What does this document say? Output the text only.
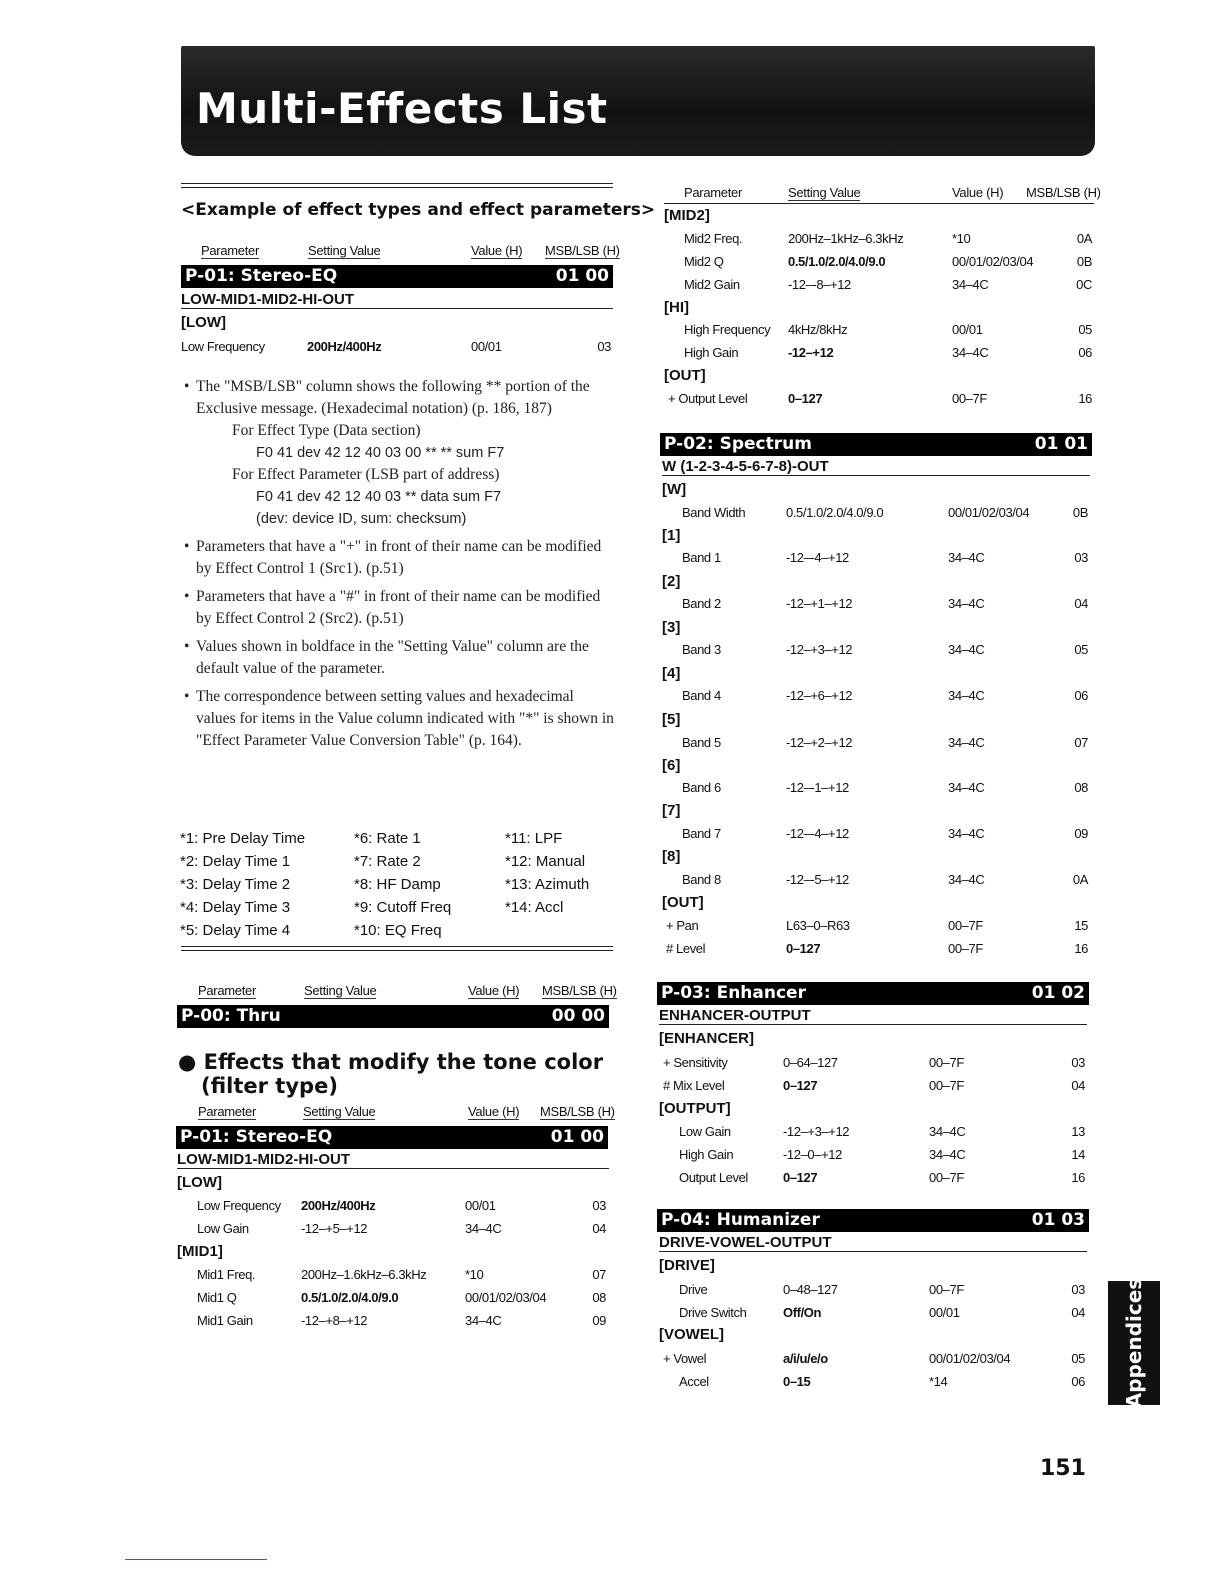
Multi-Effects List
<Example of effect types and effect parameters>
Parameter	Setting Value	Value (H) MSB/LSB (H)
P-01: Stereo-EQ	01 00
LOW-MID1-MID2-HI-OUT
[LOW]
Low Frequency	200Hz/400Hz	00/01	03
• The "MSB/LSB" column shows the following ** portion of the Exclusive message. (Hexadecimal notation) (p. 186, 187)
For Effect Type (Data section)
F0 41 dev 42 12 40 03 00 ** ** sum F7
For Effect Parameter (LSB part of address)
F0 41 dev 42 12 40 03 ** data sum F7
(dev: device ID, sum: checksum)
• Parameters that have a "+" in front of their name can be modified by Effect Control 1 (Src1). (p.51)
• Parameters that have a "#" in front of their name can be modified by Effect Control 2 (Src2). (p.51)
• Values shown in boldface in the "Setting Value" column are the default value of the parameter.
• The correspondence between setting values and hexadecimal values for items in the Value column indicated with "*" is shown in "Effect Parameter Value Conversion Table" (p. 164).
*1: Pre Delay Time	*6: Rate 1	*11: LPF
*2: Delay Time 1	*7: Rate 2	*12: Manual
*3: Delay Time 2	*8: HF Damp	*13: Azimuth
*4: Delay Time 3	*9: Cutoff Freq	*14: Accl
*5: Delay Time 4	*10: EQ Freq
Parameter	Setting Value	Value (H) MSB/LSB (H)
P-00: Thru	00 00
● Effects that modify the tone color
(filter type)
Parameter	Setting Value	Value (H) MSB/LSB (H)
P-01: Stereo-EQ	01 00
LOW-MID1-MID2-HI-OUT
[LOW]
Low Frequency 200Hz/400Hz	00/01	03
Low Gain	-12–+5–+12	34–4C	04
[MID1]
Mid1 Freq.	200Hz–1.6kHz–6.3kHz	*10	07
Mid1 Q	0.5/1.0/2.0/4.0/9.0	00/01/02/03/04	08
Mid1 Gain	-12–+8–+12	34–4C	09
Parameter	Setting Value	Value (H) MSB/LSB (H)
[MID2]
Mid2 Freq.	200Hz–1kHz–6.3kHz	*10	0A
Mid2 Q	0.5/1.0/2.0/4.0/9.0	00/01/02/03/04	0B
Mid2 Gain	-12–-8–+12	34–4C	0C
[HI]
High Frequency 4kHz/8kHz	00/01	05
High Gain	-12–+12	34–4C	06
[OUT]
+ Output Level	0–127	00–7F	16
P-02: Spectrum	01 01
W (1-2-3-4-5-6-7-8)-OUT
[W]
Band Width	0.5/1.0/2.0/4.0/9.0	00/01/02/03/04	0B
[1]
Band 1	-12–-4–+12	34–4C	03
[2]
Band 2	-12–+1–+12	34–4C	04
[3]
Band 3	-12–+3–+12	34–4C	05
[4]
Band 4	-12–+6–+12	34–4C	06
[5]
Band 5	-12–+2–+12	34–4C	07
[6]
Band 6	-12–-1–+12	34–4C	08
[7]
Band 7	-12–-4–+12	34–4C	09
[8]
Band 8	-12–-5–+12	34–4C	0A
[OUT]
+ Pan	L63–0–R63	00–7F	15
# Level	0–127	00–7F	16
P-03: Enhancer	01 02
ENHANCER-OUTPUT
[ENHANCER]
+ Sensitivity	0–64–127	00–7F	03
# Mix Level	0–127	00–7F	04
[OUTPUT]
Low Gain	-12–+3–+12	34–4C	13
High Gain	-12–0–+12	34–4C	14
Output Level	0–127	00–7F	16
P-04: Humanizer	01 03
DRIVE-VOWEL-OUTPUT
[DRIVE]
Drive	0–48–127	00–7F	03
Drive Switch	Off/On	00/01	04
[VOWEL]
+ Vowel	a/i/u/e/o	00/01/02/03/04	05
Accel	0–15	*14	06 Appendices
151
